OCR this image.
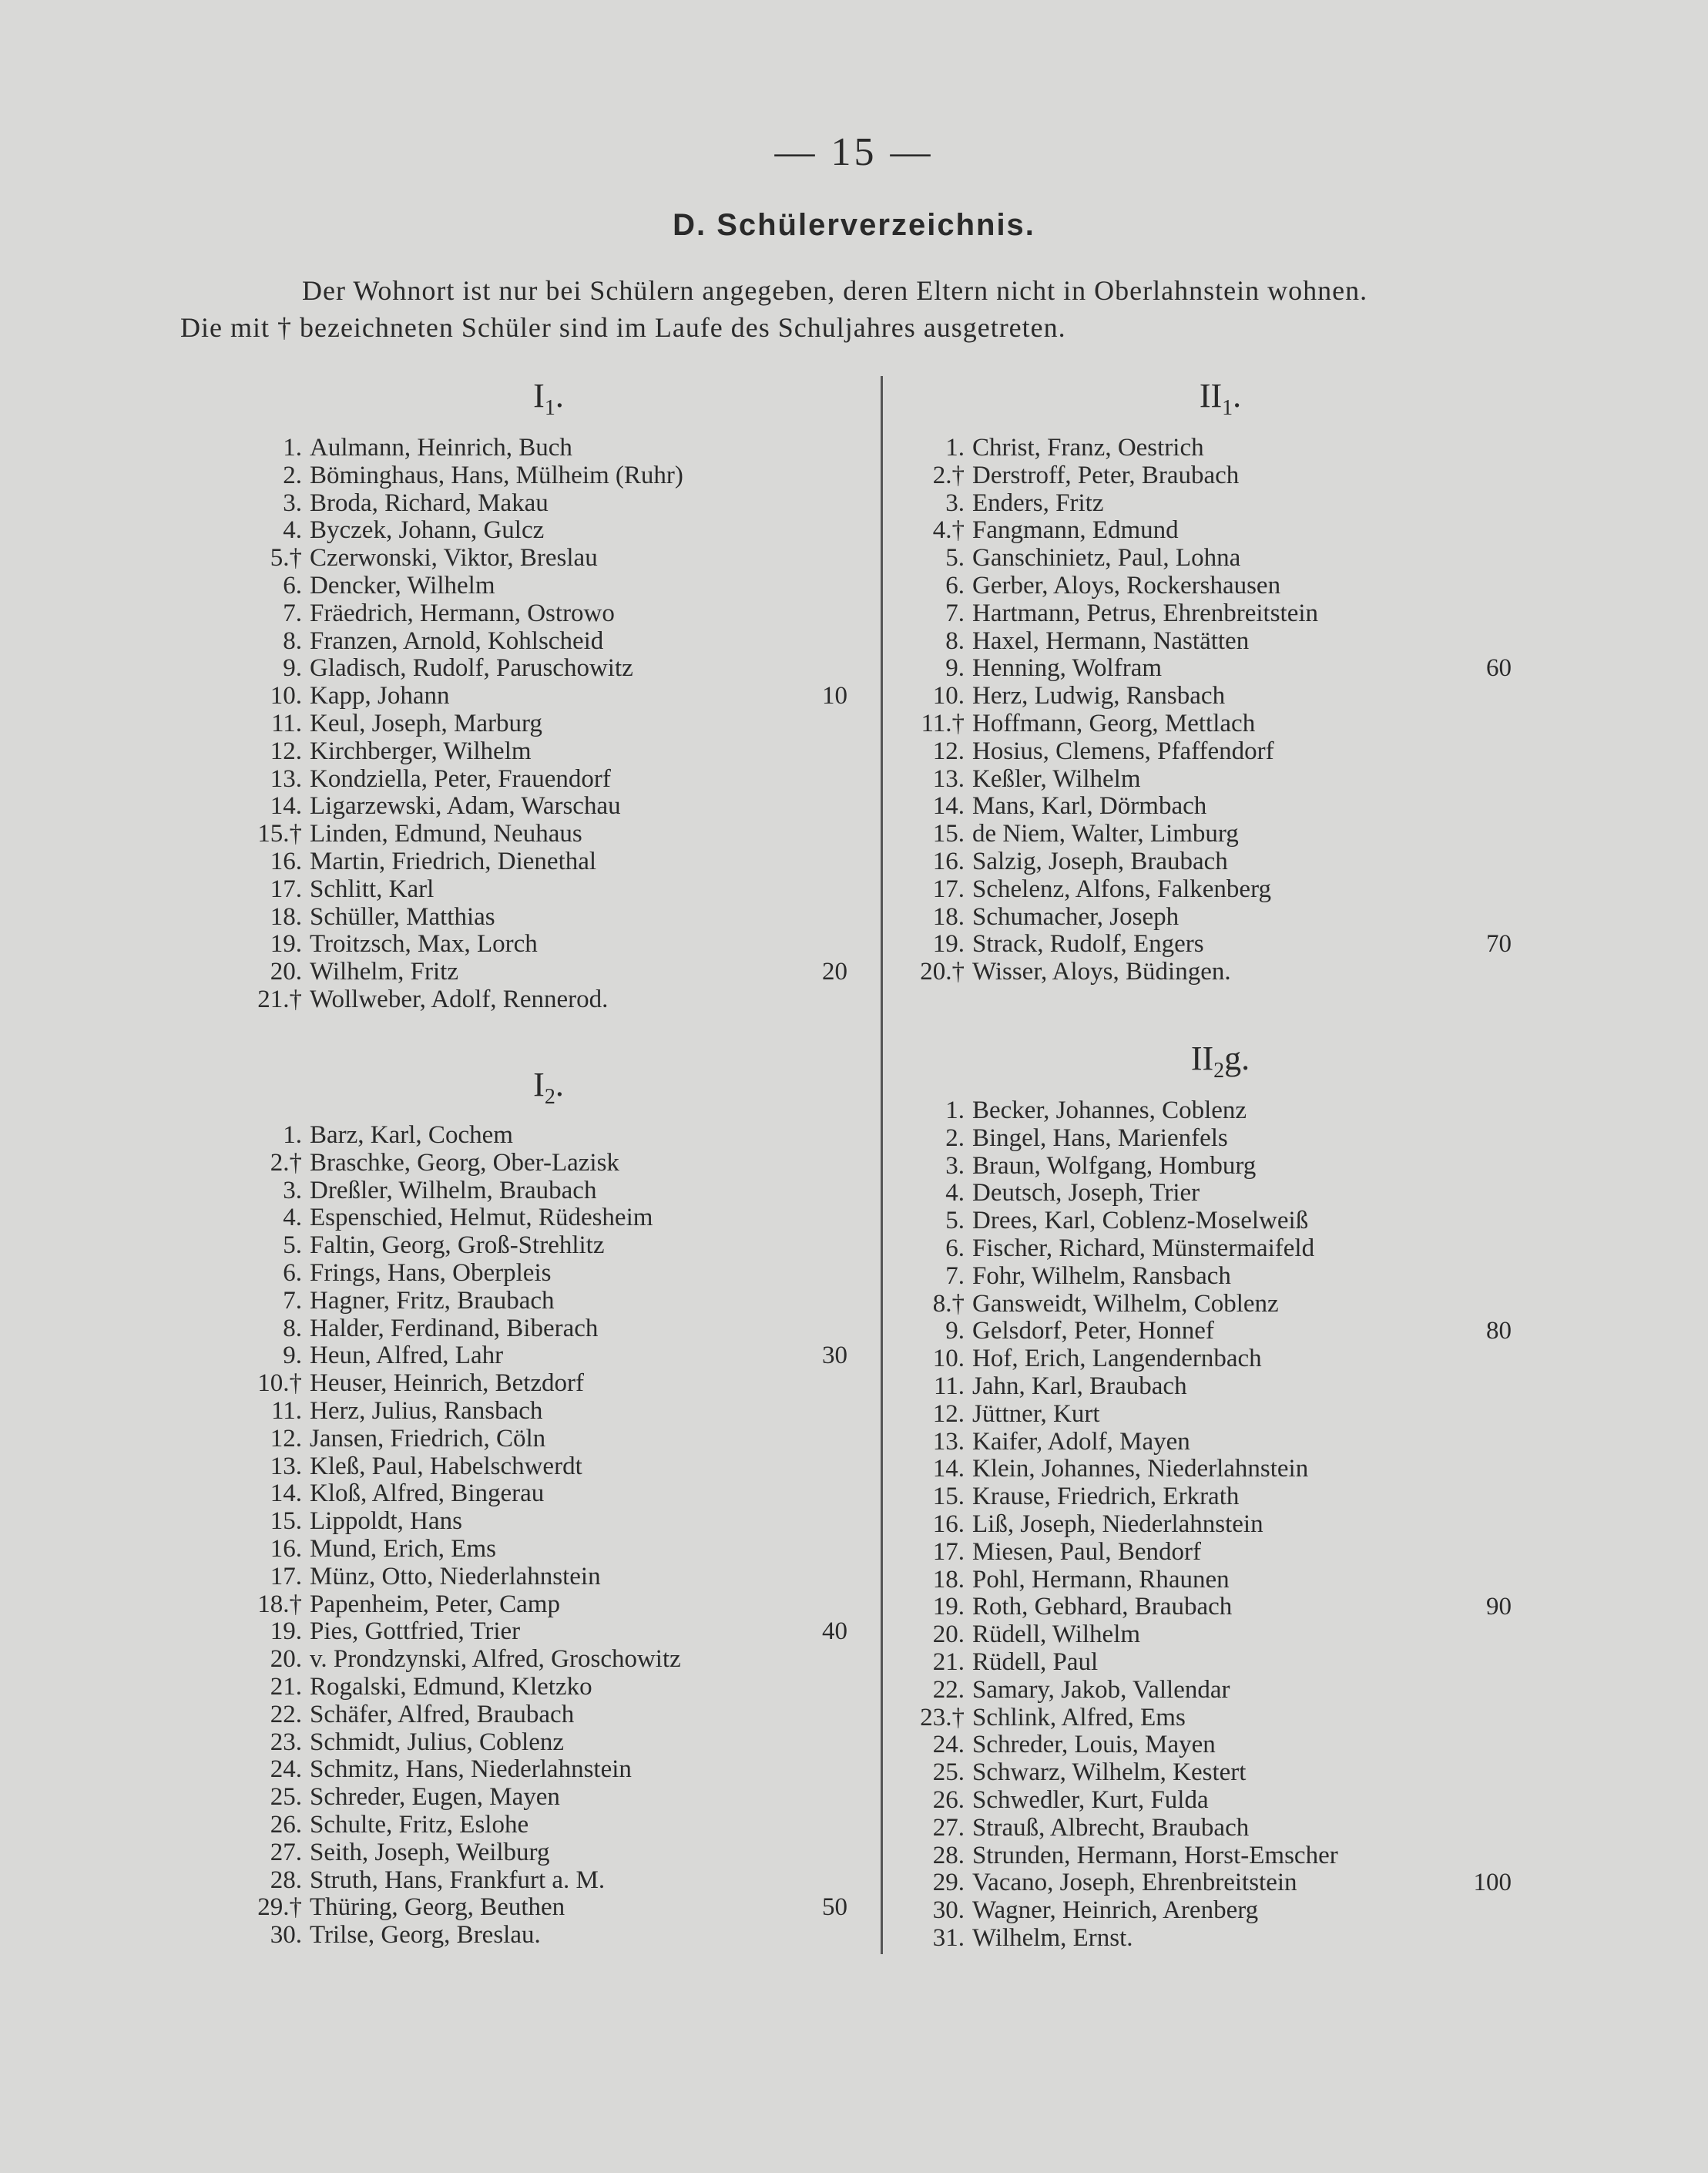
— 15 —
D. Schülerverzeichnis.
Der Wohnort ist nur bei Schülern angegeben, deren Eltern nicht in Oberlahnstein wohnen.
Die mit † bezeichneten Schüler sind im Laufe des Schuljahres ausgetreten.
$I_1$.
1. Aulmann, Heinrich, Buch
2. Böminghaus, Hans, Mülheim (Ruhr)
3. Broda, Richard, Makau
4. Byczek, Johann, Gulcz
5.† Czerwonski, Viktor, Breslau
6. Dencker, Wilhelm
7. Fräedrich, Hermann, Ostrowo
8. Franzen, Arnold, Kohlscheid
9. Gladisch, Rudolf, Paruschowitz
10. Kapp, Johann	10
11. Keul, Joseph, Marburg
12. Kirchberger, Wilhelm
13. Kondziella, Peter, Frauendorf
14. Ligarzewski, Adam, Warschau
15.† Linden, Edmund, Neuhaus
16. Martin, Friedrich, Dienethal
17. Schlitt, Karl
18. Schüller, Matthias
19. Troitzsch, Max, Lorch
20. Wilhelm, Fritz	20
21.† Wollweber, Adolf, Rennerod.
$I_2$.
1. Barz, Karl, Cochem
2.† Braschke, Georg, Ober-Lazisk
3. Dreßler, Wilhelm, Braubach
4. Espenschied, Helmut, Rüdesheim
5. Faltin, Georg, Groß-Strehlitz
6. Frings, Hans, Oberpleis
7. Hagner, Fritz, Braubach
8. Halder, Ferdinand, Biberach
9. Heun, Alfred, Lahr	30
10.† Heuser, Heinrich, Betzdorf
11. Herz, Julius, Ransbach
12. Jansen, Friedrich, Cöln
13. Kleß, Paul, Habelschwerdt
14. Kloß, Alfred, Bingerau
15. Lippoldt, Hans
16. Mund, Erich, Ems
17. Münz, Otto, Niederlahnstein
18.† Papenheim, Peter, Camp
19. Pies, Gottfried, Trier	40
20. v. Prondzynski, Alfred, Groschowitz
21. Rogalski, Edmund, Kletzko
22. Schäfer, Alfred, Braubach
23. Schmidt, Julius, Coblenz
24. Schmitz, Hans, Niederlahnstein
25. Schreder, Eugen, Mayen
26. Schulte, Fritz, Eslohe
27. Seith, Joseph, Weilburg
28. Struth, Hans, Frankfurt a. M.
29.† Thüring, Georg, Beuthen	50
30. Trilse, Georg, Breslau.
$II_1$.
1. Christ, Franz, Oestrich
2.† Derstroff, Peter, Braubach
3. Enders, Fritz
4.† Fangmann, Edmund
5. Ganschinietz, Paul, Lohna
6. Gerber, Aloys, Rockershausen
7. Hartmann, Petrus, Ehrenbreitstein
8. Haxel, Hermann, Nastätten
9. Henning, Wolfram	60
10. Herz, Ludwig, Ransbach
11.† Hoffmann, Georg, Mettlach
12. Hosius, Clemens, Pfaffendorf
13. Keßler, Wilhelm
14. Mans, Karl, Dörmbach
15. de Niem, Walter, Limburg
16. Salzig, Joseph, Braubach
17. Schelenz, Alfons, Falkenberg
18. Schumacher, Joseph
19. Strack, Rudolf, Engers	70
20.† Wisser, Aloys, Büdingen.
$II_2g$.
1. Becker, Johannes, Coblenz
2. Bingel, Hans, Marienfels
3. Braun, Wolfgang, Homburg
4. Deutsch, Joseph, Trier
5. Drees, Karl, Coblenz-Moselweiß
6. Fischer, Richard, Münstermaifeld
7. Fohr, Wilhelm, Ransbach
8.† Gansweidt, Wilhelm, Coblenz
9. Gelsdorf, Peter, Honnef	80
10. Hof, Erich, Langendernbach
11. Jahn, Karl, Braubach
12. Jüttner, Kurt
13. Kaifer, Adolf, Mayen
14. Klein, Johannes, Niederlahnstein
15. Krause, Friedrich, Erkrath
16. Liß, Joseph, Niederlahnstein
17. Miesen, Paul, Bendorf
18. Pohl, Hermann, Rhaunen
19. Roth, Gebhard, Braubach	90
20. Rüdell, Wilhelm
21. Rüdell, Paul
22. Samary, Jakob, Vallendar
23.† Schlink, Alfred, Ems
24. Schreder, Louis, Mayen
25. Schwarz, Wilhelm, Kestert
26. Schwedler, Kurt, Fulda
27. Strauß, Albrecht, Braubach
28. Strunden, Hermann, Horst-Emscher
29. Vacano, Joseph, Ehrenbreitstein	100
30. Wagner, Heinrich, Arenberg
31. Wilhelm, Ernst.
